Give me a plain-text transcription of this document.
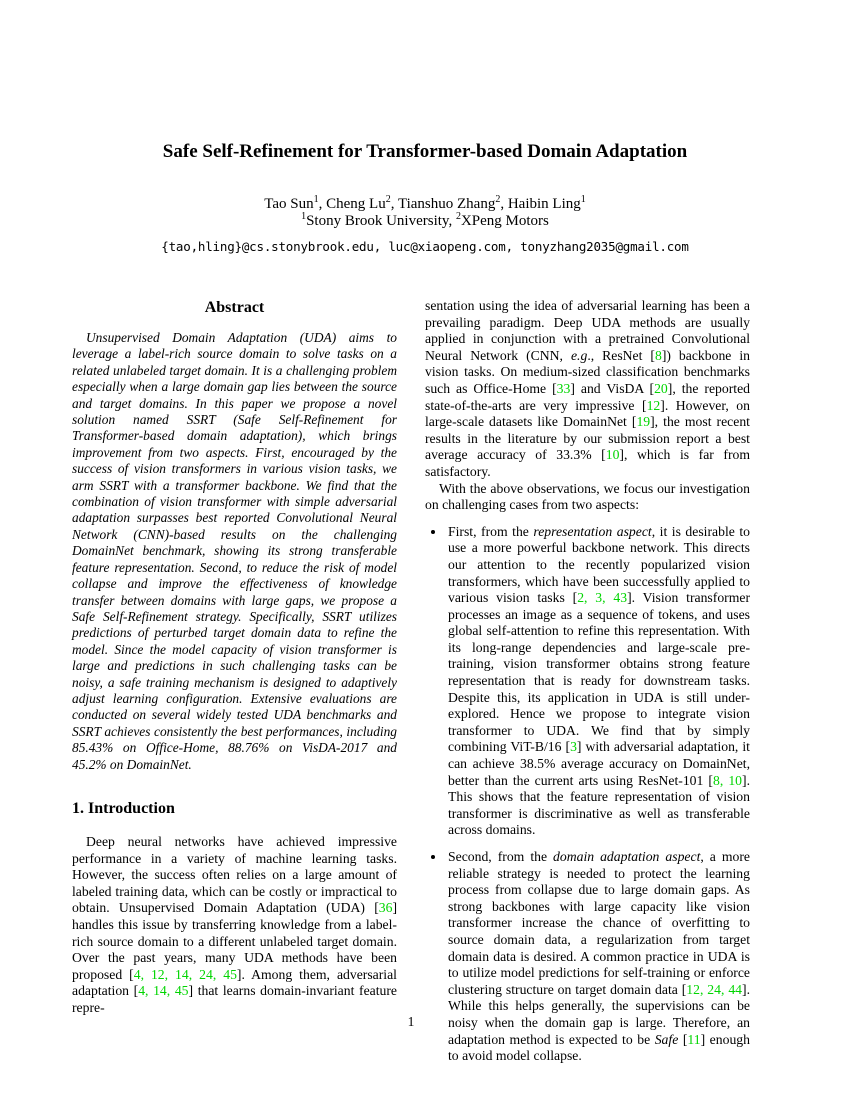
Safe Self-Refinement for Transformer-based Domain Adaptation
Tao Sun$^1$, Cheng Lu$^2$, Tianshuo Zhang$^2$, Haibin Ling$^1$
$^1$Stony Brook University, $^2$XPeng Motors
{tao,hling}@cs.stonybrook.edu, luc@xiaopeng.com, tonyzhang2035@gmail.com
Abstract

Unsupervised Domain Adaptation (UDA) aims to leverage a label-rich source domain to solve tasks on a related unlabeled target domain. It is a challenging problem especially when a large domain gap lies between the source and target domains. In this paper we propose a novel solution named SSRT (Safe Self-Refinement for Transformer-based domain adaptation), which brings improvement from two aspects. First, encouraged by the success of vision transformers in various vision tasks, we arm SSRT with a transformer backbone. We find that the combination of vision transformer with simple adversarial adaptation surpasses best reported Convolutional Neural Network (CNN)-based results on the challenging DomainNet benchmark, showing its strong transferable feature representation. Second, to reduce the risk of model collapse and improve the effectiveness of knowledge transfer between domains with large gaps, we propose a Safe Self-Refinement strategy. Specifically, SSRT utilizes predictions of perturbed target domain data to refine the model. Since the model capacity of vision transformer is large and predictions in such challenging tasks can be noisy, a safe training mechanism is designed to adaptively adjust learning configuration. Extensive evaluations are conducted on several widely tested UDA benchmarks and SSRT achieves consistently the best performances, including 85.43% on Office-Home, 88.76% on VisDA-2017 and 45.2% on DomainNet.

1. Introduction

Deep neural networks have achieved impressive performance in a variety of machine learning tasks. However, the success often relies on a large amount of labeled training data, which can be costly or impractical to obtain. Unsupervised Domain Adaptation (UDA) [36] handles this issue by transferring knowledge from a label-rich source domain to a different unlabeled target domain. Over the past years, many UDA methods have been proposed [4, 12, 14, 24, 45]. Among them, adversarial adaptation [4, 14, 45] that learns domain-invariant feature repre-

sentation using the idea of adversarial learning has been a prevailing paradigm. Deep UDA methods are usually applied in conjunction with a pretrained Convolutional Neural Network (CNN, e.g., ResNet [8]) backbone in vision tasks. On medium-sized classification benchmarks such as Office-Home [33] and VisDA [20], the reported state-of-the-arts are very impressive [12]. However, on large-scale datasets like DomainNet [19], the most recent results in the literature by our submission report a best average accuracy of 33.3% [10], which is far from satisfactory.

With the above observations, we focus our investigation on challenging cases from two aspects:

• First, from the representation aspect, it is desirable to use a more powerful backbone network. This directs our attention to the recently popularized vision transformers, which have been successfully applied to various vision tasks [2, 3, 43]. Vision transformer processes an image as a sequence of tokens, and uses global self-attention to refine this representation. With its long-range dependencies and large-scale pre-training, vision transformer obtains strong feature representation that is ready for downstream tasks. Despite this, its application in UDA is still under-explored. Hence we propose to integrate vision transformer to UDA. We find that by simply combining ViT-B/16 [3] with adversarial adaptation, it can achieve 38.5% average accuracy on DomainNet, better than the current arts using ResNet-101 [8, 10]. This shows that the feature representation of vision transformer is discriminative as well as transferable across domains.
• Second, from the domain adaptation aspect, a more reliable strategy is needed to protect the learning process from collapse due to large domain gaps. As strong backbones with large capacity like vision transformer increase the chance of overfitting to source domain data, a regularization from target domain data is desired. A common practice in UDA is to utilize model predictions for self-training or enforce clustering structure on target domain data [12, 24, 44]. While this helps generally, the supervisions can be noisy when the domain gap is large. Therefore, an adaptation method is expected to be Safe [11] enough to avoid model collapse.
1
